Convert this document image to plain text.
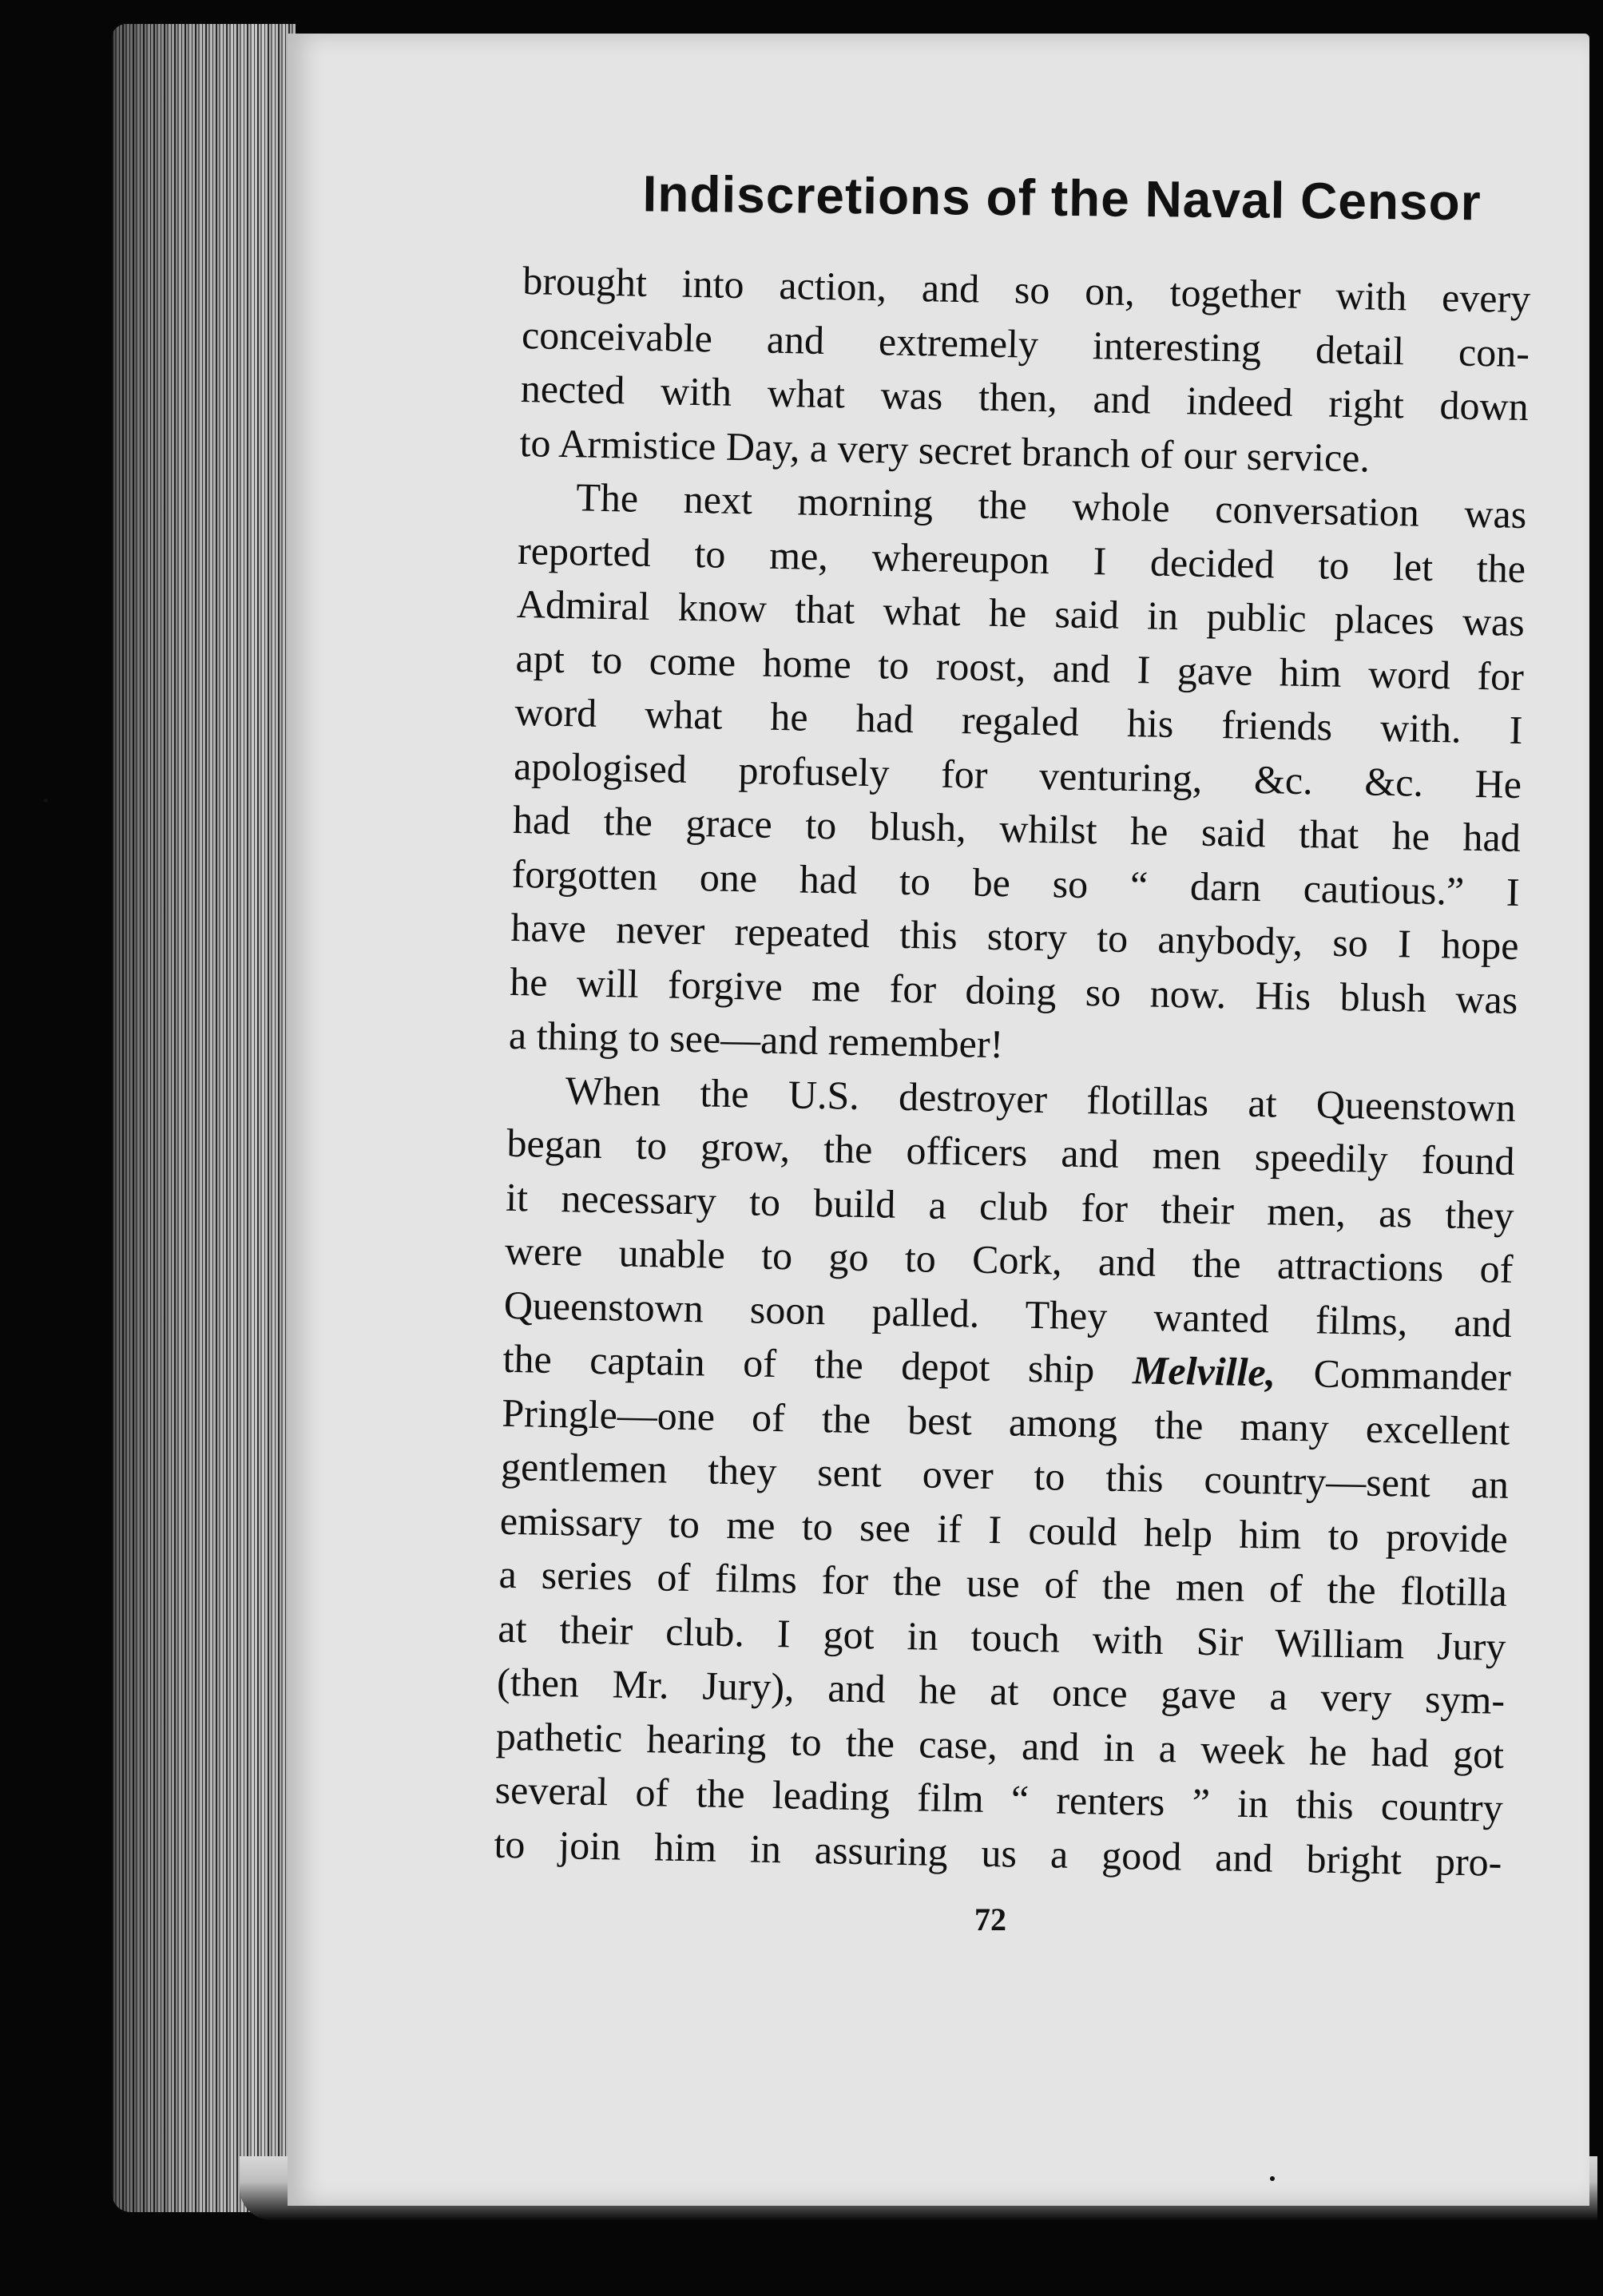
Indiscretions of the Naval Censor
brought into action, and so on, together with every
conceivable and extremely interesting detail con-
nected with what was then, and indeed right down
to Armistice Day, a very secret branch of our service.
The next morning the whole conversation was
reported to me, whereupon I decided to let the
Admiral know that what he said in public places was
apt to come home to roost, and I gave him word for
word what he had regaled his friends with. I
apologised profusely for venturing, &c. &c. He
had the grace to blush, whilst he said that he had
forgotten one had to be so “ darn cautious.” I
have never repeated this story to anybody, so I hope
he will forgive me for doing so now. His blush was
a thing to see—and remember!
When the U.S. destroyer flotillas at Queenstown
began to grow, the officers and men speedily found
it necessary to build a club for their men, as they
were unable to go to Cork, and the attractions of
Queenstown soon palled. They wanted films, and
the captain of the depot ship Melville, Commander
Pringle—one of the best among the many excellent
gentlemen they sent over to this country—sent an
emissary to me to see if I could help him to provide
a series of films for the use of the men of the flotilla
at their club. I got in touch with Sir William Jury
(then Mr. Jury), and he at once gave a very sym-
pathetic hearing to the case, and in a week he had got
several of the leading film “ renters ” in this country
to join him in assuring us a good and bright pro-
72
